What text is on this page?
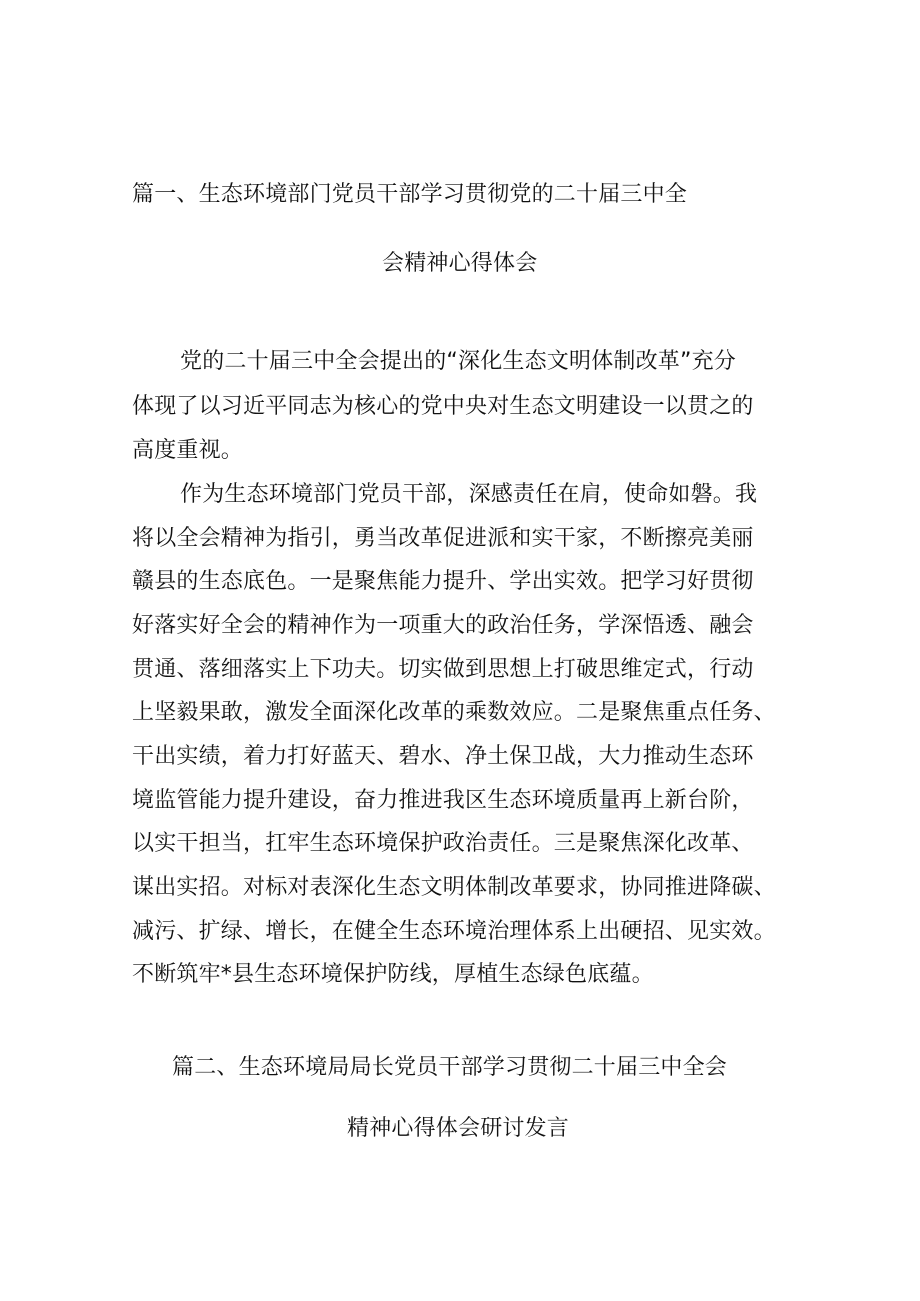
篇一、生态环境部门党员干部学习贯彻党的二十届三中全
会精神心得体会
党的二十届三中全会提出的“深化生态文明体制改革”充分
体现了以习近平同志为核心的党中央对生态文明建设一以贯之的
高度重视。
作为生态环境部门党员干部，深感责任在肩，使命如磐。我
将以全会精神为指引，勇当改革促进派和实干家，不断擦亮美丽
赣县的生态底色。一是聚焦能力提升、学出实效。把学习好贯彻
好落实好全会的精神作为一项重大的政治任务，学深悟透、融会
贯通、落细落实上下功夫。切实做到思想上打破思维定式，行动
上坚毅果敢，激发全面深化改革的乘数效应。二是聚焦重点任务、
干出实绩，着力打好蓝天、碧水、净土保卫战，大力推动生态环
境监管能力提升建设，奋力推进我区生态环境质量再上新台阶，
以实干担当，扛牢生态环境保护政治责任。三是聚焦深化改革、
谋出实招。对标对表深化生态文明体制改革要求，协同推进降碳、
减污、扩绿、增长，在健全生态环境治理体系上出硬招、见实效。
不断筑牢*县生态环境保护防线，厚植生态绿色底蕴。
篇二、生态环境局局长党员干部学习贯彻二十届三中全会
精神心得体会研讨发言
